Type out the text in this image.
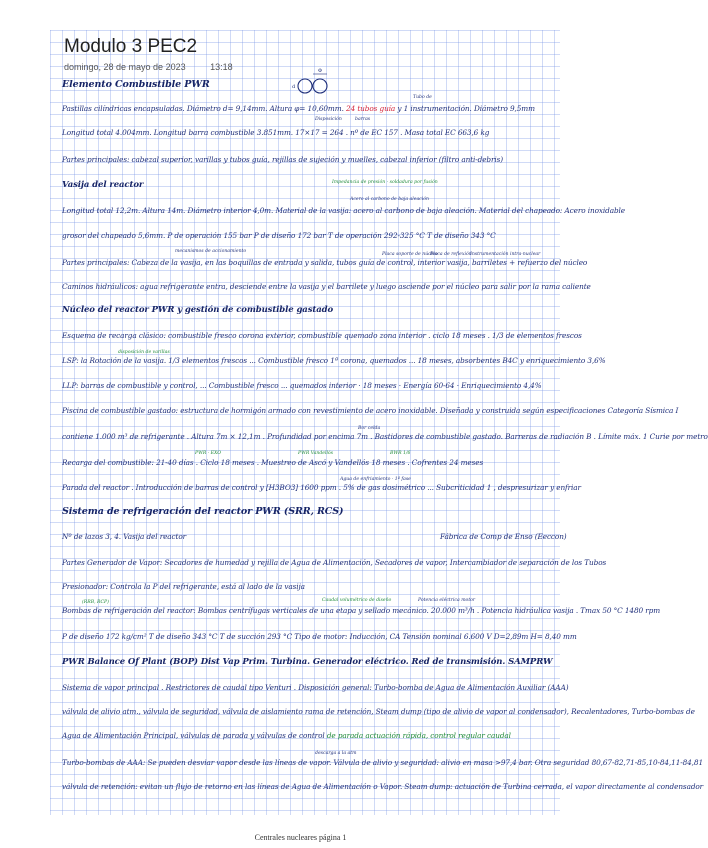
Modulo 3 PEC2
domingo, 28 de mayo de 2023	13:18	Φ
d
Elemento Combustible PWR
Tubo de
Pastillas cilíndricas encapsuladas. Diámetro d= 9,14mm. Altura φ= 10,60mm. 24 tubos guía y 1 instrumentación. Diámetro 9,5mm
Disposición	barras
Longitud total 4.004mm. Longitud barra combustible 3.851mm. 17×17 = 264 . nº de EC 157 . Masa total EC 663,6 kg
Partes principales: cabezal superior, varillas y tubos guía, rejillas de sujeción y muelles, cabezal inferior (filtro anti-debris)
Vasija del reactor	Impedancia de presión · soldadura por fusión
Acero al carbono de baja aleación
Longitud total 12,2m. Altura 14m. Diámetro interior 4,0m. Material de la vasija: acero al carbono de baja aleación. Material del chapeado: Acero inoxidable
grosor del chapeado 5,6mm. P de operación 155 bar P de diseño 172 bar T de operación 292-325 °C T de diseño 343 °C
mecanismos de accionamiento
Placa soporte de núcleo
Placa de reflexión
Instrumentación intra-nuclear
Partes principales: Cabeza de la vasija, en las boquillas de entrada y salida, tubos guía de control, interior vasija, barriletes + refuerzo del núcleo
Caminos hidráulicos: agua refrigerante entra, desciende entre la vasija y el barrilete y luego asciende por el núcleo para salir por la rama caliente
Núcleo del reactor PWR y gestión de combustible gastado
Esquema de recarga clásico: combustible fresco corona exterior, combustible quemado zona interior . ciclo 18 meses . 1/3 de elementos frescos
disposición de varillas
LSP: la Rotación de la vasija. 1/3 elementos frescos ... Combustible fresco 1ª corona, quemados ... 18 meses, absorbentes B4C y enriquecimiento 3,6%
LLP: barras de combustible y control, ... Combustible fresco ... quemados interior · 18 meses · Energía 60-64 · Enriquecimiento 4,4%
Piscina de combustible gastado: estructura de hormigón armado con revestimiento de acero inoxidable. Diseñada y construida según especificaciones Categoría Sísmica I
Bor celda
contiene 1.000 m³ de refrigerante . Altura 7m × 12,1m . Profundidad por encima 7m . Bastidores de combustible gastado. Barreras de radiación B . Límite máx. 1 Curie por metro
PWR · EXO	PWR Vandellós	BWR 1/6
Recarga del combustible: 21-40 días . Ciclo 18 meses . Muestreo de Ascó y Vandellós 18 meses . Cofrentes 24 meses
Agua de enfriamiento · 1ª fase
Parada del reactor . Introducción de barras de control y [H3BO3] 1600 ppm . 5% de gas dosimétrico ... Subcriticidad 1 , despresurizar y enfriar
Sistema de refrigeración del reactor PWR (SRR, RCS)
Nº de lazos 3, 4. Vasija del reactor	Fábrica de Comp de Enso (Eeccon)
Partes Generador de Vapor: Secadores de humedad y rejilla de Agua de Alimentación, Secadores de vapor, Intercambiador de separación de los Tubos
Presionador: Controla la P del refrigerante, está al lado de la vasija
(RRB, RCP)	Caudal volumétrico de diseño	Potencia eléctrica motor
Bombas de refrigeración del reactor: Bombas centrífugas verticales de una etapa y sellado mecánico. 20.000 m³/h . Potencia hidráulica vasija . Tmax 50 °C 1480 rpm
P de diseño 172 kg/cm² T de diseño 343 °C T de succión 293 °C Tipo de motor: Inducción, CA Tensión nominal 6.600 V D=2,89m H= 8,40 mm
PWR Balance Of Plant (BOP) Dist Vap Prim. Turbina. Generador eléctrico. Red de transmisión. SAMPRW
Sistema de vapor principal . Restrictores de caudal tipo Venturi . Disposición general: Turbo-bomba de Agua de Alimentación Auxiliar (AAA)
válvula de alivio atm., válvula de seguridad, válvula de aislamiento rama de retención, Steam dump (tipo de alivio de vapor al condensador), Recalentadores, Turbo-bombas de
Agua de Alimentación Principal, válvulas de parada y válvulas de control de parada actuación rápida, control regular caudal
descarga a la atm
Turbo-bombas de AAA: Se pueden desviar vapor desde las líneas de vapor. Válvula de alivio y seguridad: alivio en masa >97,4 bar. Otra seguridad 80,67-82,71-85,10-84,11-84,81
válvula de retención: evitan un flujo de retorno en las líneas de Agua de Alimentación o Vapor. Steam dump: actuación de Turbina cerrada, el vapor directamente al condensador
Centrales nucleares página 1
